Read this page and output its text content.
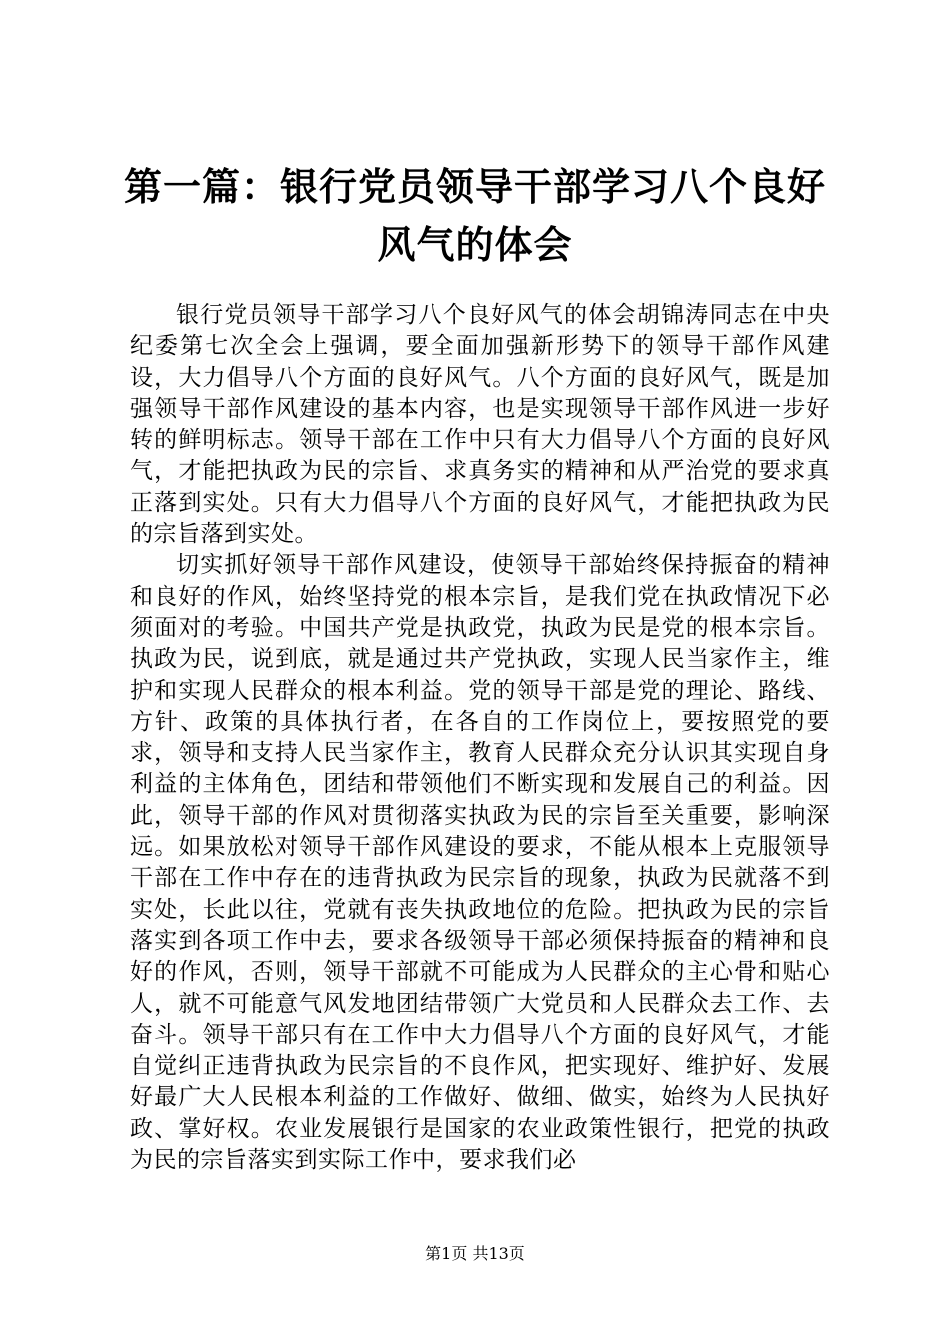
第一篇：银行党员领导干部学习八个良好风气的体会

银行党员领导干部学习八个良好风气的体会胡锦涛同志在中央纪委第七次全会上强调，要全面加强新形势下的领导干部作风建设，大力倡导八个方面的良好风气。八个方面的良好风气，既是加强领导干部作风建设的基本内容，也是实现领导干部作风进一步好转的鲜明标志。领导干部在工作中只有大力倡导八个方面的良好风气，才能把执政为民的宗旨、求真务实的精神和从严治党的要求真正落到实处。只有大力倡导八个方面的良好风气，才能把执政为民的宗旨落到实处。

切实抓好领导干部作风建设，使领导干部始终保持振奋的精神和良好的作风，始终坚持党的根本宗旨，是我们党在执政情况下必须面对的考验。中国共产党是执政党，执政为民是党的根本宗旨。执政为民，说到底，就是通过共产党执政，实现人民当家作主，维护和实现人民群众的根本利益。党的领导干部是党的理论、路线、方针、政策的具体执行者，在各自的工作岗位上，要按照党的要求，领导和支持人民当家作主，教育人民群众充分认识其实现自身利益的主体角色，团结和带领他们不断实现和发展自己的利益。因此，领导干部的作风对贯彻落实执政为民的宗旨至关重要，影响深远。如果放松对领导干部作风建设的要求，不能从根本上克服领导干部在工作中存在的违背执政为民宗旨的现象，执政为民就落不到实处，长此以往，党就有丧失执政地位的危险。把执政为民的宗旨落实到各项工作中去，要求各级领导干部必须保持振奋的精神和良好的作风，否则，领导干部就不可能成为人民群众的主心骨和贴心人，就不可能意气风发地团结带领广大党员和人民群众去工作、去奋斗。领导干部只有在工作中大力倡导八个方面的良好风气，才能自觉纠正违背执政为民宗旨的不良作风，把实现好、维护好、发展好最广大人民根本利益的工作做好、做细、做实，始终为人民执好政、掌好权。农业发展银行是国家的农业政策性银行，把党的执政为民的宗旨落实到实际工作中，要求我们必

第1页 共13页
